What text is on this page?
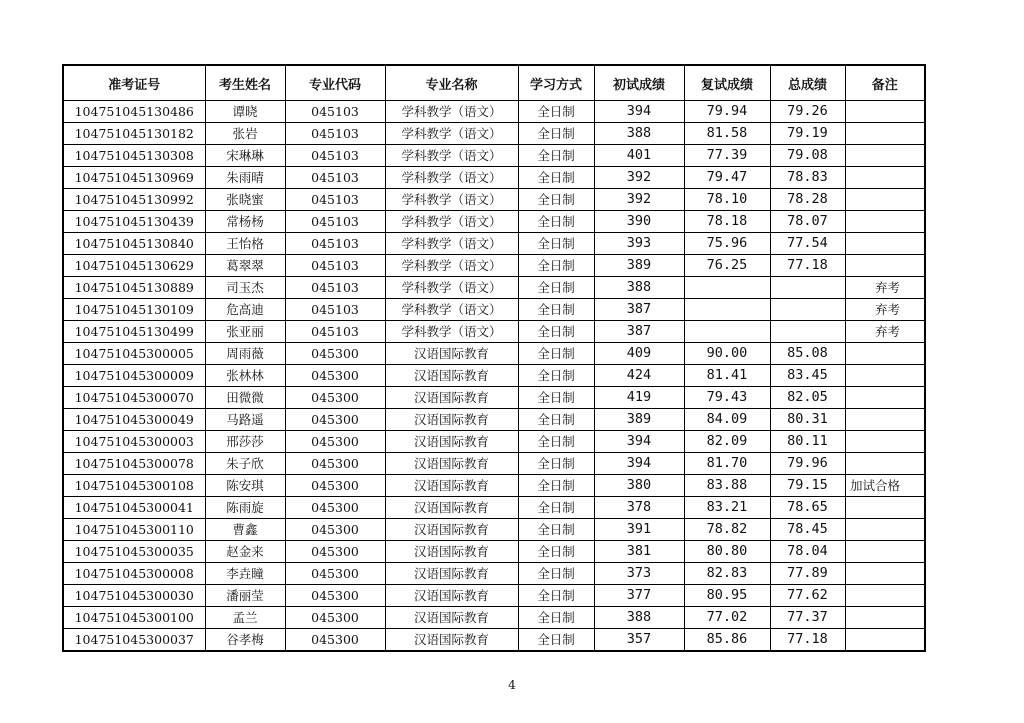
准考证号	考生姓名	专业代码	专业名称	学习方式	初试成绩	复试成绩	总成绩	备注
104751045130486	谭晓	045103	学科教学（语文）	全日制	394	79.94	79.26	
104751045130182	张岩	045103	学科教学（语文）	全日制	388	81.58	79.19	
104751045130308	宋琳琳	045103	学科教学（语文）	全日制	401	77.39	79.08	
104751045130969	朱雨晴	045103	学科教学（语文）	全日制	392	79.47	78.83	
104751045130992	张晓蜜	045103	学科教学（语文）	全日制	392	78.10	78.28	
104751045130439	常杨杨	045103	学科教学（语文）	全日制	390	78.18	78.07	
104751045130840	王怡格	045103	学科教学（语文）	全日制	393	75.96	77.54	
104751045130629	葛翠翠	045103	学科教学（语文）	全日制	389	76.25	77.18	
104751045130889	司玉杰	045103	学科教学（语文）	全日制	388			弃考
104751045130109	危高迪	045103	学科教学（语文）	全日制	387			弃考
104751045130499	张亚丽	045103	学科教学（语文）	全日制	387			弃考
104751045300005	周雨薇	045300	汉语国际教育	全日制	409	90.00	85.08	
104751045300009	张林林	045300	汉语国际教育	全日制	424	81.41	83.45	
104751045300070	田微微	045300	汉语国际教育	全日制	419	79.43	82.05	
104751045300049	马路遥	045300	汉语国际教育	全日制	389	84.09	80.31	
104751045300003	邢莎莎	045300	汉语国际教育	全日制	394	82.09	80.11	
104751045300078	朱子欣	045300	汉语国际教育	全日制	394	81.70	79.96	
104751045300108	陈安琪	045300	汉语国际教育	全日制	380	83.88	79.15	加试合格
104751045300041	陈雨旋	045300	汉语国际教育	全日制	378	83.21	78.65	
104751045300110	曹鑫	045300	汉语国际教育	全日制	391	78.82	78.45	
104751045300035	赵金来	045300	汉语国际教育	全日制	381	80.80	78.04	
104751045300008	李垚瞳	045300	汉语国际教育	全日制	373	82.83	77.89	
104751045300030	潘丽莹	045300	汉语国际教育	全日制	377	80.95	77.62	
104751045300100	孟兰	045300	汉语国际教育	全日制	388	77.02	77.37	
104751045300037	谷孝梅	045300	汉语国际教育	全日制	357	85.86	77.18	
4
